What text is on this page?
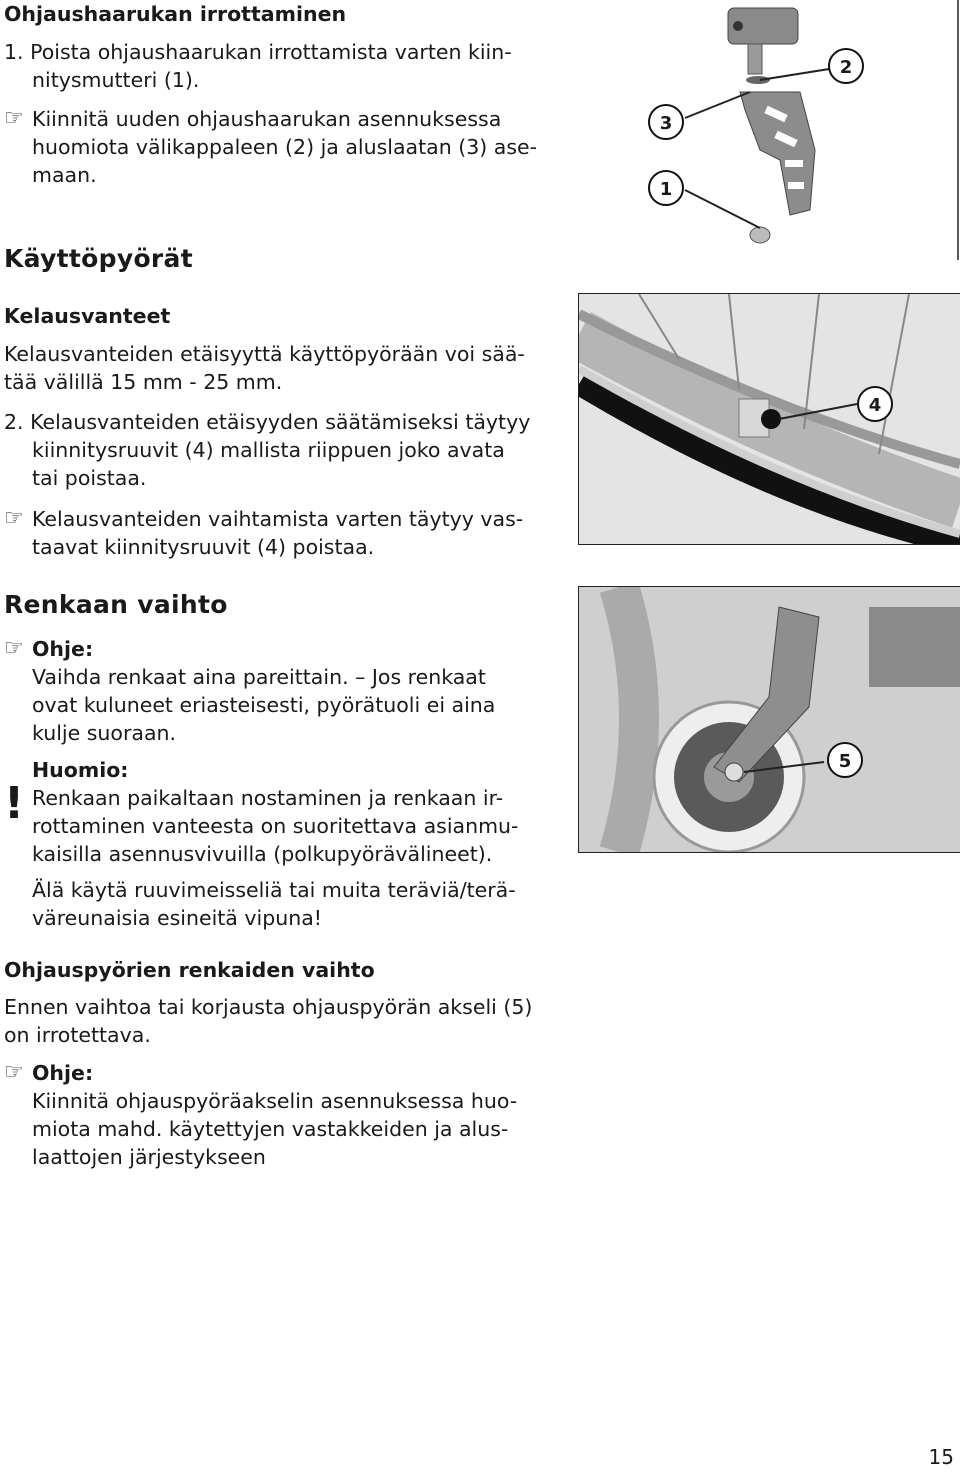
Ohjaushaarukan irrottaminen
1. Poista ohjaushaarukan irrottamista varten kiin-
nitysmutteri (1).
☞ Kiinnitä uuden ohjaushaarukan asennuksessa
huomiota välikappaleen (2) ja aluslaatan (3) ase-
maan.
2
3
1
Käyttöpyörät
Kelausvanteet
Kelausvanteiden etäisyyttä käyttöpyörään voi sää-
tää välillä 15 mm - 25 mm.
2. Kelausvanteiden etäisyyden säätämiseksi täytyy
kiinnitysruuvit (4) mallista riippuen joko avata
tai poistaa.
☞ Kelausvanteiden vaihtamista varten täytyy vas-
taavat kiinnitysruuvit (4) poistaa.
4
Renkaan vaihto
☞ Ohje:
Vaihda renkaat aina pareittain. – Jos renkaat
ovat kuluneet eriasteisesti, pyörätuoli ei aina
kulje suoraan.
!
Huomio:
Renkaan paikaltaan nostaminen ja renkaan ir-
rottaminen vanteesta on suoritettava asianmu-
kaisilla asennusvivuilla (polkupyörävälineet).
Älä käytä ruuvimeisseliä tai muita teräviä/terä-
väreunaisia esineitä vipuna!
5
Ohjauspyörien renkaiden vaihto
Ennen vaihtoa tai korjausta ohjauspyörän akseli (5)
on irrotettava.
☞ Ohje:
Kiinnitä ohjauspyöräakselin asennuksessa huo-
miota mahd. käytettyjen vastakkeiden ja alus-
laattojen järjestykseen
15
